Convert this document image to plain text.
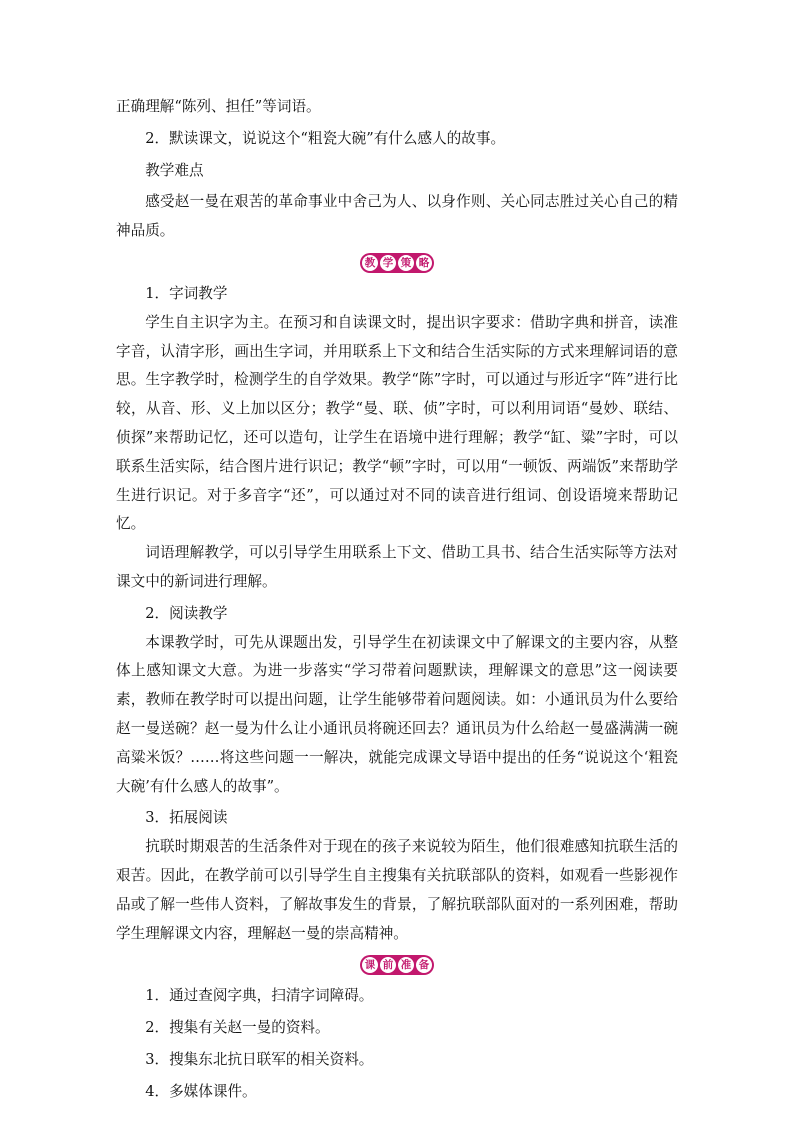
正确理解“陈列、担任”等词语。

2．默读课文，说说这个“粗瓷大碗”有什么感人的故事。

教学难点

感受赵一曼在艰苦的革命事业中舍己为人、以身作则、关心同志胜过关心自己的精神品质。

教 学 策 略

1．字词教学

学生自主识字为主。在预习和自读课文时，提出识字要求：借助字典和拼音，读准字音，认清字形，画出生字词，并用联系上下文和结合生活实际的方式来理解词语的意思。生字教学时，检测学生的自学效果。教学“陈”字时，可以通过与形近字“阵”进行比较，从音、形、义上加以区分；教学“曼、联、侦”字时，可以利用词语“曼妙、联结、侦探”来帮助记忆，还可以造句，让学生在语境中进行理解；教学“缸、粱”字时，可以联系生活实际，结合图片进行识记；教学“顿”字时，可以用“一顿饭、两端饭”来帮助学生进行识记。对于多音字“还”，可以通过对不同的读音进行组词、创设语境来帮助记忆。

词语理解教学，可以引导学生用联系上下文、借助工具书、结合生活实际等方法对课文中的新词进行理解。

2．阅读教学

本课教学时，可先从课题出发，引导学生在初读课文中了解课文的主要内容，从整体上感知课文大意。为进一步落实“学习带着问题默读，理解课文的意思”这一阅读要素，教师在教学时可以提出问题，让学生能够带着问题阅读。如：小通讯员为什么要给赵一曼送碗？赵一曼为什么让小通讯员将碗还回去？通讯员为什么给赵一曼盛满满一碗高粱米饭？……将这些问题一一解决，就能完成课文导语中提出的任务“说说这个‘粗瓷大碗’有什么感人的故事”。

3．拓展阅读

抗联时期艰苦的生活条件对于现在的孩子来说较为陌生，他们很难感知抗联生活的艰苦。因此，在教学前可以引导学生自主搜集有关抗联部队的资料，如观看一些影视作品或了解一些伟人资料，了解故事发生的背景，了解抗联部队面对的一系列困难，帮助学生理解课文内容，理解赵一曼的崇高精神。

课 前 准 备

1．通过查阅字典，扫清字词障碍。

2．搜集有关赵一曼的资料。

3．搜集东北抗日联军的相关资料。

4．多媒体课件。
